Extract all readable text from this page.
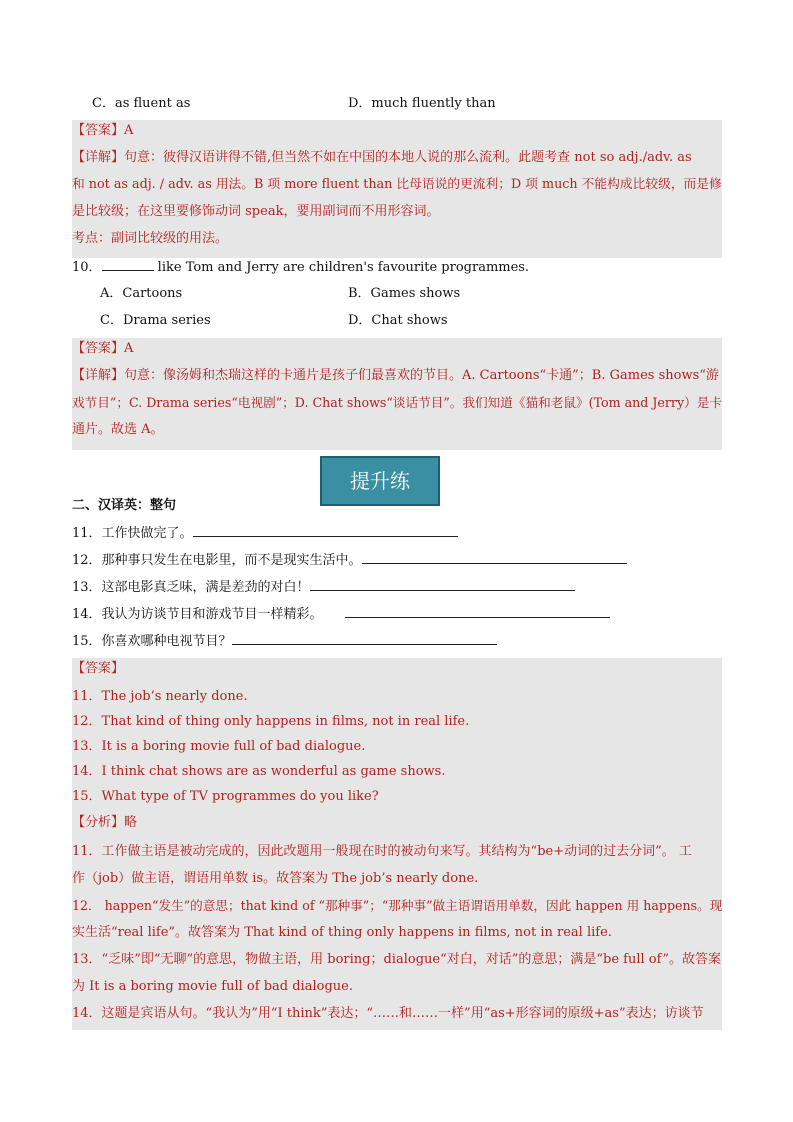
C．as fluent as	D．much fluently than
【答案】A
【详解】句意：彼得汉语讲得不错,但当然不如在中国的本地人说的那么流利。此题考查 not so adj./adv. as
和 not as adj. / adv. as 用法。B 项 more fluent than 比母语说的更流利；D 项 much 不能构成比较级，而是修
是比较级；在这里要修饰动词 speak，要用副词而不用形容词。
考点：副词比较级的用法。
10．	like Tom and Jerry are children's favourite programmes.
A．Cartoons	B．Games shows
C．Drama series	D．Chat shows
【答案】A
【详解】句意：像汤姆和杰瑞这样的卡通片是孩子们最喜欢的节目。A. Cartoons“卡通”；B. Games shows“游
戏节目”；C. Drama series“电视剧”；D. Chat shows“谈话节目”。我们知道《猫和老鼠》(Tom and Jerry）是卡
通片。故选 A。
提升练
二、汉译英：整句
11．工作快做完了。
12．那种事只发生在电影里，而不是现实生活中。
13．这部电影真乏味，满是差劲的对白！
14．我认为访谈节目和游戏节目一样精彩。
15．你喜欢哪种电视节目？
【答案】
11．The job’s nearly done.
12．That kind of thing only happens in films, not in real life.
13．It is a boring movie full of bad dialogue.
14．I think chat shows are as wonderful as game shows.
15．What type of TV programmes do you like?
【分析】略
11．工作做主语是被动完成的，因此改题用一般现在时的被动句来写。其结构为“be+动词的过去分词”。 工
作（job）做主语，谓语用单数 is。故答案为 The job’s nearly done.
12． happen“发生”的意思；that kind of “那种事”；“那种事”做主语谓语用单数，因此 happen 用 happens。现
实生活“real life”。故答案为 That kind of thing only happens in films, not in real life.
13．“乏味”即“无聊”的意思，物做主语，用 boring；dialogue“对白，对话”的意思；满是“be full of”。故答案
为 It is a boring movie full of bad dialogue.
14．这题是宾语从句。“我认为”用“I think”表达；“……和……一样”用“as+形容词的原级+as”表达；访谈节
